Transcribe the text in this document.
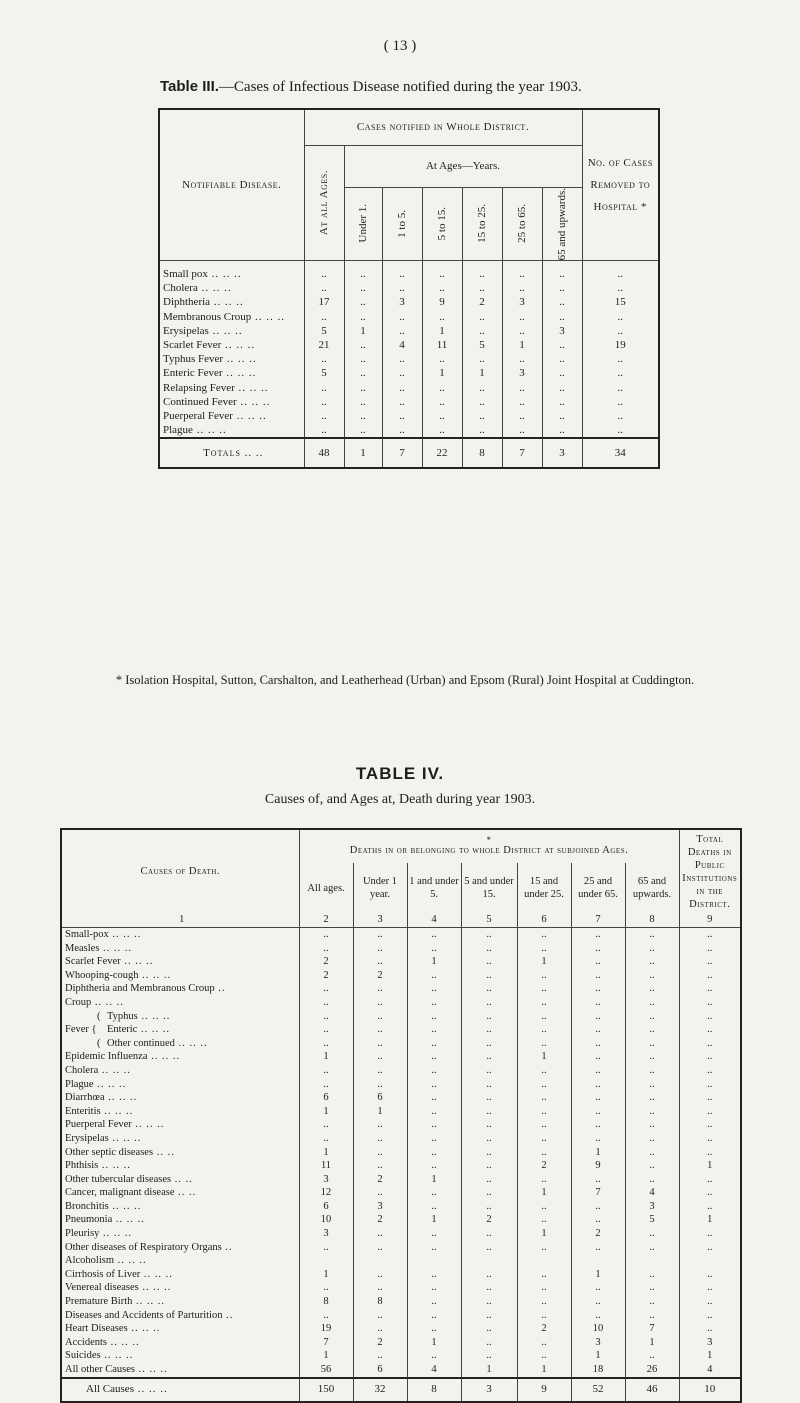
( 13 )
Table III.—Cases of Infectious Disease notified during the year 1903.
Notifiable Disease.	Cases notified in Whole District.							No. of Cases Removed to Hospital *

	At all Ages.	At Ages—Years.						

		Under 1.	1 to 5.	5 to 15.	15 to 25.	25 to 65.	65 and upwards.	

Small pox .. .. ..	..	..	..	..	..	..	..	..
Cholera .. .. ..	..	..	..	..	..	..	..	..
Diphtheria .. .. ..	17	..	3	9	2	3	..	15
Membranous Croup .. .. ..	..	..	..	..	..	..	..	..
Erysipelas .. .. ..	5	1	..	1	..	..	3	..
Scarlet Fever .. .. ..	21	..	4	11	5	1	..	19
Typhus Fever .. .. ..	..	..	..	..	..	..	..	..
Enteric Fever .. .. ..	5	..	..	1	1	3	..	..
Relapsing Fever .. .. ..	..	..	..	..	..	..	..	..
Continued Fever .. .. ..	..	..	..	..	..	..	..	..
Puerperal Fever .. .. ..	..	..	..	..	..	..	..	..
Plague .. .. ..	..	..	..	..	..	..	..	..
Totals .. ..	48	1	7	22	8	7	3	34
* Isolation Hospital, Sutton, Carshalton, and Leatherhead (Urban) and Epsom (Rural) Joint Hospital at Cuddington.
TABLE IV.
Causes of, and Ages at, Death during year 1903.
Causes of Death.	*
Deaths in or belonging to whole District at subjoined Ages.							Total Deaths in Public Institutions in the District.
	All ages.	Under 1 year.	1 and under 5.	5 and under 15.	15 and under 25.	25 and under 65.	65 and upwards.	
1	2	3	4	5	6	7	8	9
Small-pox .. .. ..	..	..	..	..	..	..	..	..
Measles .. .. ..	..	..	..	..	..	..	..	..
Scarlet Fever .. .. ..	2	..	1	..	1	..	..	..
Whooping-cough .. .. ..	2	2	..	..	..	..	..	..
Diphtheria and Membranous Croup ..	..	..	..	..	..	..	..	..
Croup .. .. ..	..	..	..	..	..	..	..	..
( Typhus .. .. ..	..	..	..	..	..	..	..	..
Fever { Enteric .. .. ..	..	..	..	..	..	..	..	..
( Other continued .. .. ..	..	..	..	..	..	..	..	..
Epidemic Influenza .. .. ..	1	..	..	..	1	..	..	..
Cholera .. .. ..	..	..	..	..	..	..	..	..
Plague .. .. ..	..	..	..	..	..	..	..	..
Diarrhœa .. .. ..	6	6	..	..	..	..	..	..
Enteritis .. .. ..	1	1	..	..	..	..	..	..
Puerperal Fever .. .. ..	..	..	..	..	..	..	..	..
Erysipelas .. .. ..	..	..	..	..	..	..	..	..
Other septic diseases .. ..	1	..	..	..	..	1	..	..
Phthisis .. .. ..	11	..	..	..	2	9	..	1
Other tubercular diseases .. ..	3	2	1	..	..	..	..	..
Cancer, malignant disease .. ..	12	..	..	..	1	7	4	..
Bronchitis .. .. ..	6	3	..	..	..	..	3	..
Pneumonia .. .. ..	10	2	1	2	..	..	5	1
Pleurisy .. .. ..	3	..	..	..	1	2	..	..
Other diseases of Respiratory Organs ..	..	..	..	..	..	..	..	..
Alcoholism .. .. ..								
Cirrhosis of Liver .. .. ..	1	..	..	..	..	1	..	..
Venereal diseases .. .. ..	..	..	..	..	..	..	..	..
Premature Birth .. .. ..	8	8	..	..	..	..	..	..
Diseases and Accidents of Parturition ..	..	..	..	..	..	..	..	..
Heart Diseases .. .. ..	19	..	..	..	2	10	7	..
Accidents .. .. ..	7	2	1	..	..	3	1	3
Suicides .. .. ..	1	..	..	..	..	1	..	1
All other Causes .. .. ..	56	6	4	1	1	18	26	4
All Causes .. .. ..	150	32	8	3	9	52	46	10
